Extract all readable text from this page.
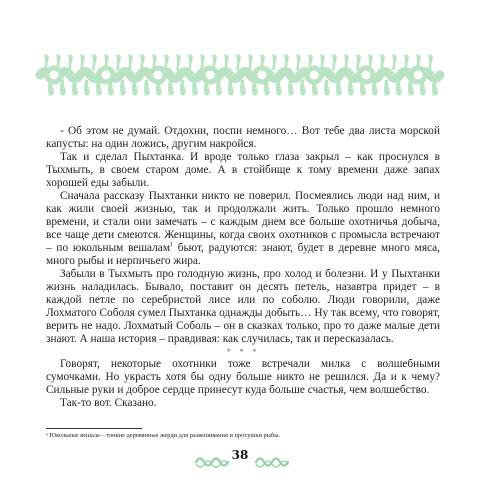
- Об этом не думай. Отдохни, поспи немного… Вот тебе два листа морской капусты: на один ложись, другим накройся.

Так и сделал Пыхтанка. И вроде только глаза закрыл – как проснулся в Тыхмыть, в своем старом доме. А в стойбище к тому времени даже запах хорошей еды забыли.

Сначала рассказу Пыхтанки никто не поверил. Посмеялись люди над ним, и как жили своей жизнью, так и продолжали жить. Только прошло немного времени, и стали они замечать – с каждым днем все больше охотничья добыча, все чаще дети смеются. Женщины, когда своих охотников с промысла встречают – по юкольным вешалам$^1$ бьют, радуются: знают, будет в деревне много мяса, много рыбы и нерпичьего жира.

Забыли в Тыхмыть про голодную жизнь, про холод и болезни. И у Пыхтанки жизнь наладилась. Бывало, поставит он десять петель, назавтра придет – в каждой петле по серебристой лисе или по соболю. Люди говорили, даже Лохматого Соболя сумел Пыхтанка однажды добыть… Ну так всему, что говорят, верить не надо. Лохматый Соболь – он в сказках только, про то даже малые дети знают. А наша история – правдивая: как случилась, так и пересказалась.

* * *

Говорят, некоторые охотники тоже встречали милка с волшебными сумочками. Но украсть хотя бы одну больше никто не решился. Да и к чему? Сильные руки и доброе сердце принесут куда больше счастья, чем волшебство.

Так-то вот. Сказано.

¹ Юкольные вешала – тонкие деревянные жерди для развешивания и просушки рыбы.
38
